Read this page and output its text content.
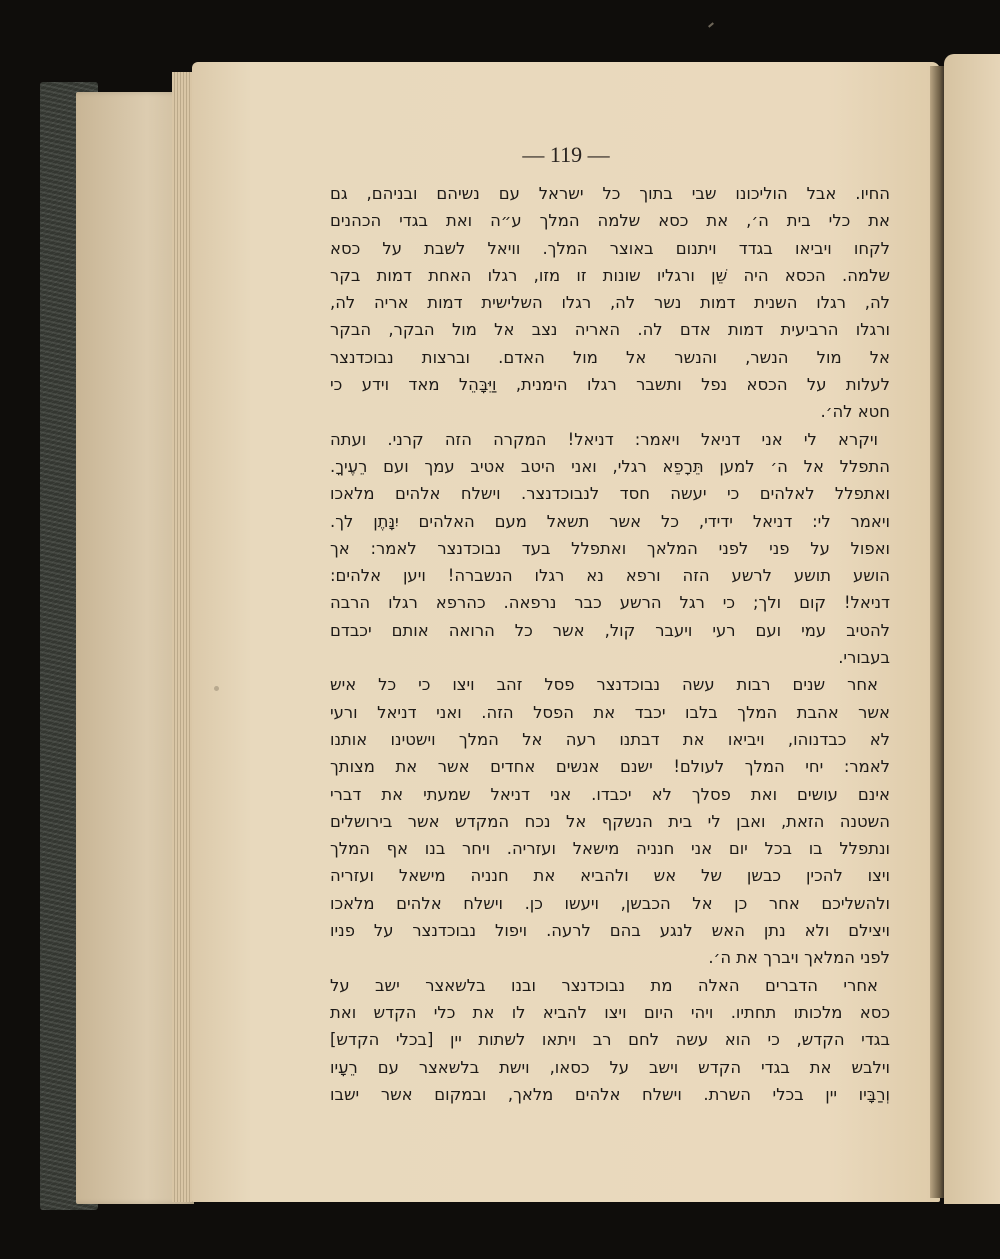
— 119 —
החיו. אבל הוליכונו שבי בתוך כל ישראל עם נשיהם ובניהם, גם
את כלי בית ה׳, את כסא שלמה המלך ע״ה ואת בגדי הכהנים
לקחו ויביאו בגדד ויתנום באוצר המלך. וויאל לשבת על כסא
שלמה. הכסא היה שֵׁן ורגליו שונות זו מזו, רגלו האחת דמות בקר
לה, רגלו השנית דמות נשר לה, רגלו השלישית דמות אריה לה,
ורגלו הרביעית דמות אדם לה. האריה נצב אל מול הבקר, הבקר
אל מול הנשר, והנשר אל מול האדם. וברצות נבוכדנצר
לעלות על הכסא נפל ותשבר רגלו הימנית, וַיִּבָּהֵל מאד וידע כי
חטא לה׳.
ויקרא לי אני דניאל ויאמר: דניאל! המקרה הזה קרני. ועתה
התפלל אל ה׳ למען תֵּרָפֵא רגלי, ואני היטב אטיב עמך ועם רֵעֶיךָ.
ואתפלל לאלהים כי יעשה חסד לנבוכדנצר. וישלח אלהים מלאכו
ויאמר לי: דניאל ידידי, כל אשר תשאל מעם האלהים יִנָּתֶן לך.
ואפול על פני לפני המלאך ואתפלל בעד נבוכדנצר לאמר: אך
הושע תושע לרשע הזה ורפא נא רגלו הנשברה! ויען אלהים:
דניאל! קום ולך; כי רגל הרשע כבר נרפאה. כהרפא רגלו הרבה
להטיב עמי ועם רעי ויעבר קול, אשר כל הרואה אותם יכבדם
בעבורי.
אחר שנים רבות עשה נבוכדנצר פסל זהב ויצו כי כל איש
אשר אהבת המלך בלבו יכבד את הפסל הזה. ואני דניאל ורעי
לא כבדנוהו, ויביאו את דבתנו רעה אל המלך וישטינו אותנו
לאמר: יחי המלך לעולם! ישנם אנשים אחדים אשר את מצותך
אינם עושים ואת פסלך לא יכבדו. אני דניאל שמעתי את דברי
השטנה הזאת, ואבן לי בית הנשקף אל נכח המקדש אשר בירושלים
ונתפלל בו בכל יום אני חנניה מישאל ועזריה. ויחר בנו אף המלך
ויצו להכין כבשן של אש ולהביא את חנניה מישאל ועזריה
ולהשליכם אחר כן אל הכבשן, ויעשו כן. וישלח אלהים מלאכו
ויצילם ולא נתן האש לנגע בהם לרעה. ויפול נבוכדנצר על פניו
לפני המלאך ויברך את ה׳.
אחרי הדברים האלה מת נבוכדנצר ובנו בלשאצר ישב על
כסא מלכותו תחתיו. ויהי היום ויצו להביא לו את כלי הקדש ואת
בגדי הקדש, כי הוא עשה לחם רב ויתאו לשתות יין [בכלי הקדש]
וילבש את בגדי הקדש וישב על כסאו, וישת בלשאצר עם רֵעָיו
וְרַבָּיו יין בכלי השרת. וישלח אלהים מלאך, ובמקום אשר ישבו
